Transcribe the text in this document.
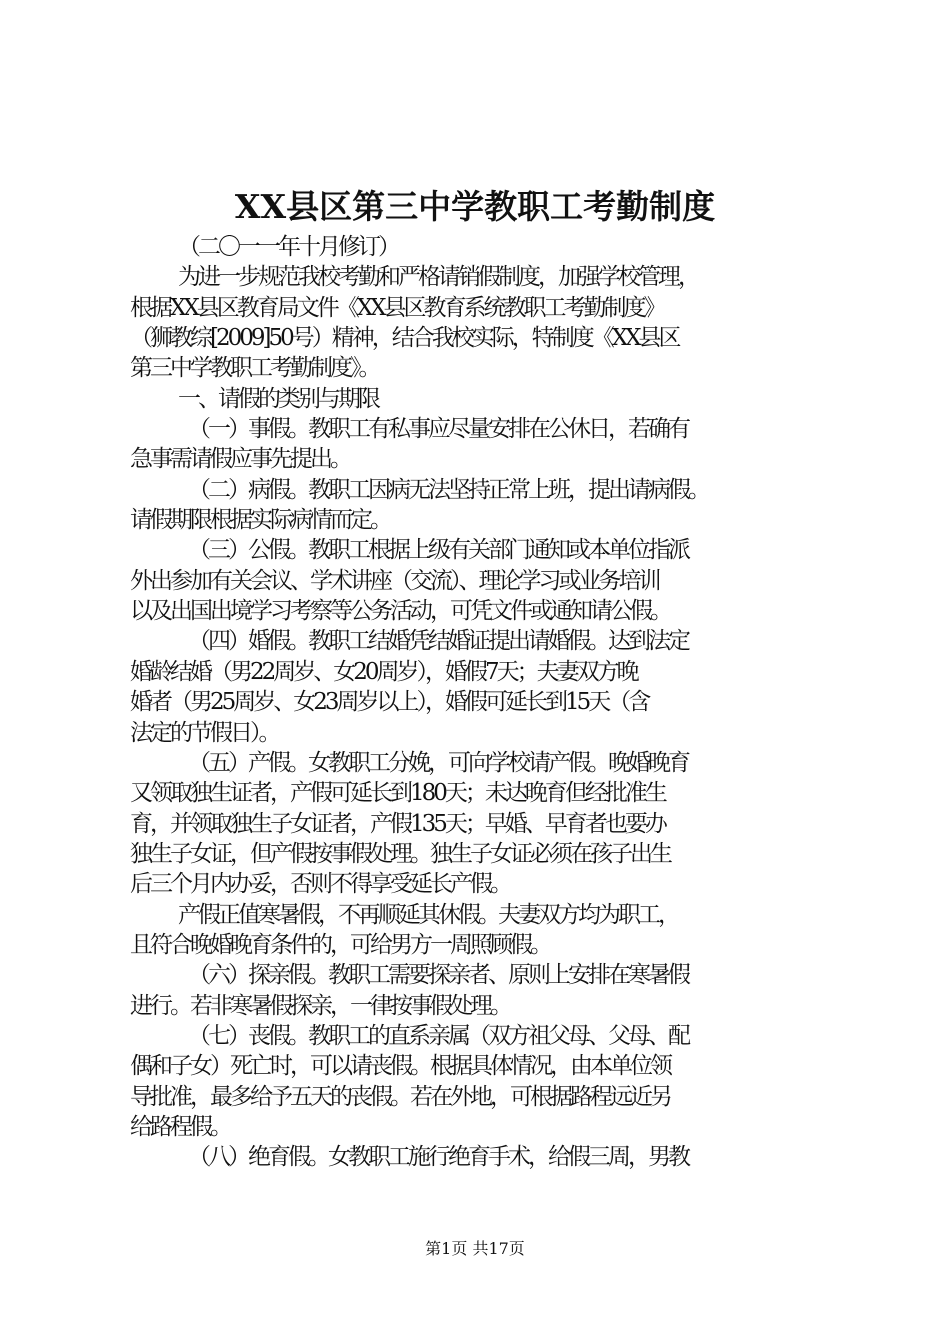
XX县区第三中学教职工考勤制度
（二〇一一年十月修订）
为进一步规范我校考勤和严格请销假制度，加强学校管理，
根据XX县区教育局文件《XX县区教育系统教职工考勤制度》
（狮教综[2009]50号）精神，结合我校实际，特制度《XX县区
第三中学教职工考勤制度》。
一、请假的类别与期限
（一）事假。教职工有私事应尽量安排在公休日，若确有
急事需请假应事先提出。
（二）病假。教职工因病无法坚持正常上班，提出请病假。
请假期限根据实际病情而定。
（三）公假。教职工根据上级有关部门通知或本单位指派
外出参加有关会议、学术讲座（交流）、理论学习或业务培训
以及出国出境学习考察等公务活动，可凭文件或通知请公假。
（四）婚假。教职工结婚凭结婚证提出请婚假。达到法定
婚龄结婚（男22周岁、女20周岁），婚假7天；夫妻双方晚
婚者（男25周岁、女23周岁以上），婚假可延长到15天（含
法定的节假日）。
（五）产假。女教职工分娩，可向学校请产假。晚婚晚育
又领取独生证者，产假可延长到180天；未达晚育但经批准生
育，并领取独生子女证者，产假135天；早婚、早育者也要办
独生子女证，但产假按事假处理。独生子女证必须在孩子出生
后三个月内办妥，否则不得享受延长产假。
产假正值寒暑假，不再顺延其休假。夫妻双方均为职工，
且符合晚婚晚育条件的，可给男方一周照顾假。
（六）探亲假。教职工需要探亲者、原则上安排在寒暑假
进行。若非寒暑假探亲，一律按事假处理。
（七）丧假。教职工的直系亲属（双方祖父母、父母、配
偶和子女）死亡时，可以请丧假。根据具体情况，由本单位领
导批准，最多给予五天的丧假。若在外地，可根据路程远近另
给路程假。
（八）绝育假。女教职工施行绝育手术，给假三周，男教
第1页 共17页
